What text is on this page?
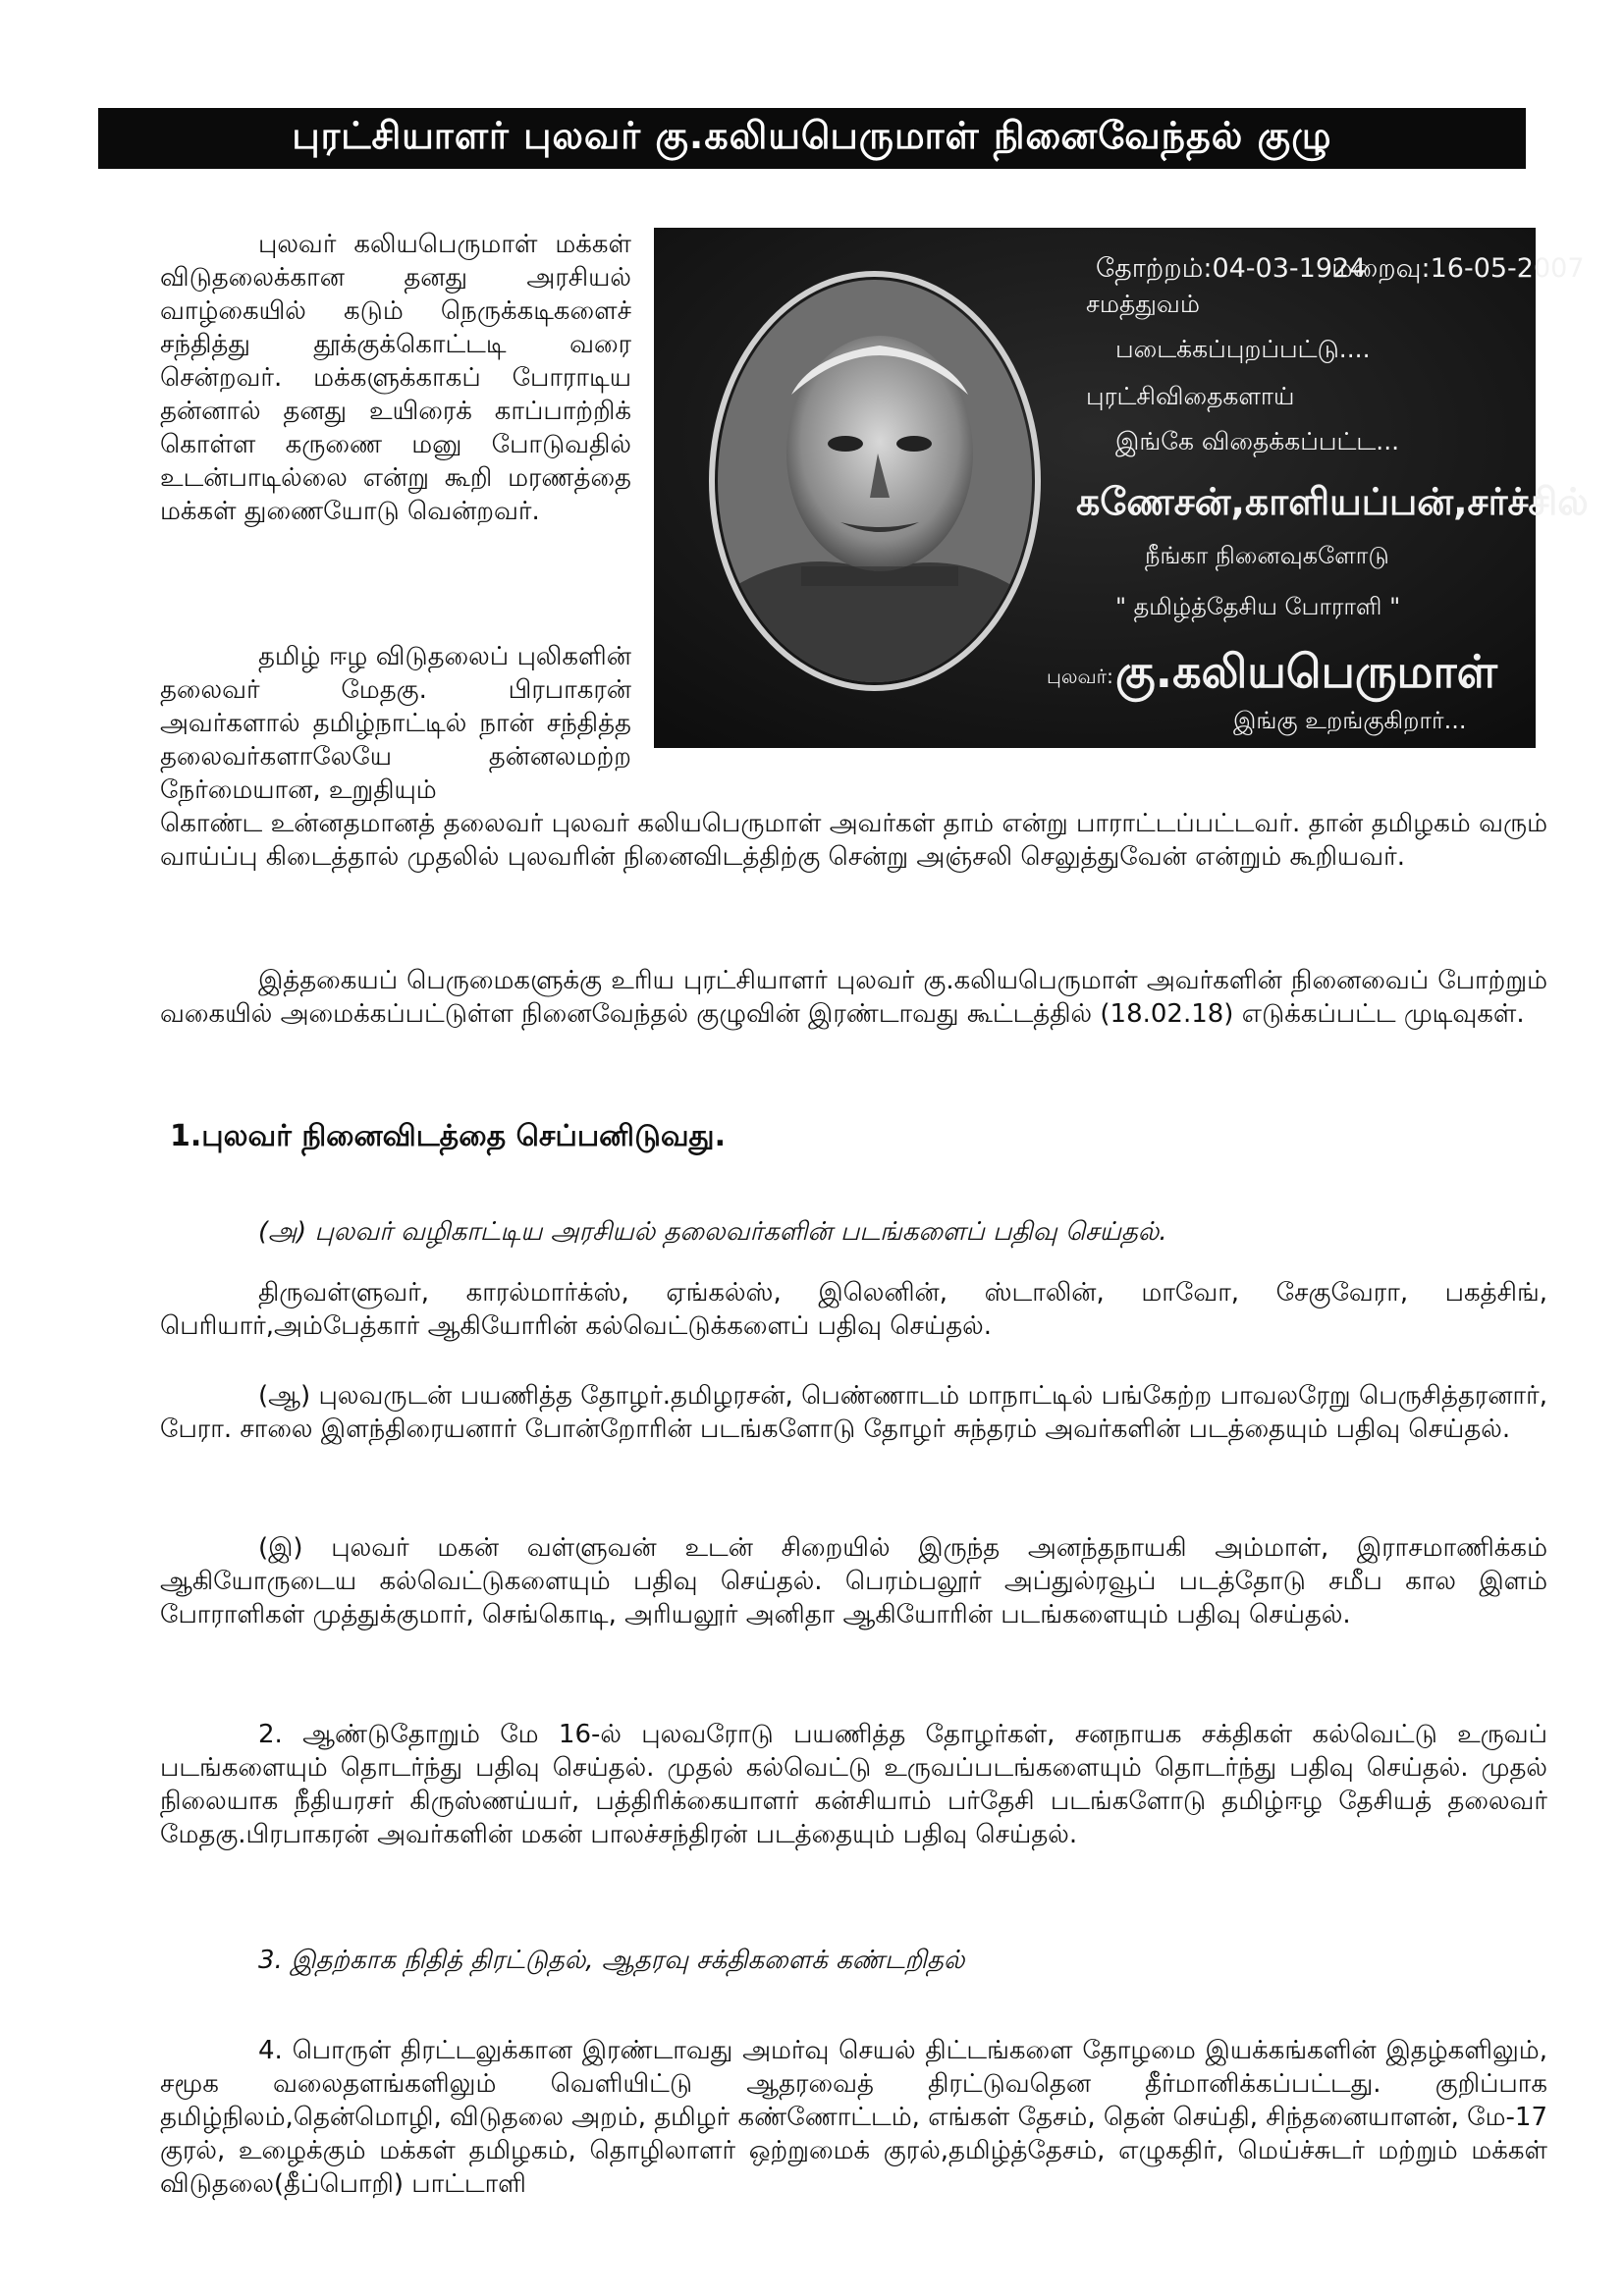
புரட்சியாளர் புலவர் கு.கலியபெருமாள் நினைவேந்தல் குழு
தோற்றம்:04-03-1924
மறைவு:16-05-2007
சமத்துவம்
படைக்கப்புறப்பட்டு....
புரட்சிவிதைகளாய்
இங்கே விதைக்கப்பட்ட...
கணேசன்,காளியப்பன்,சர்ச்சில்
நீங்கா நினைவுகளோடு
" தமிழ்த்தேசிய போராளி "
புலவர்: கு.கலியபெருமாள்
இங்கு உறங்குகிறார்...

புலவர் கலியபெருமாள் மக்கள் விடுதலைக்கான தனது அரசியல் வாழ்கையில் கடும் நெருக்கடிகளைச் சந்தித்து தூக்குக்கொட்டடி வரை சென்றவர். மக்களுக்காகப் போராடிய தன்னால் தனது உயிரைக் காப்பாற்றிக் கொள்ள கருணை மனு போடுவதில் உடன்பாடில்லை என்று கூறி மரணத்தை மக்கள் துணையோடு வென்றவர்.

தமிழ் ஈழ விடுதலைப் புலிகளின் தலைவர் மேதகு. பிரபாகரன் அவர்களால் தமிழ்நாட்டில் நான் சந்தித்த தலைவர்களாலேயே தன்னலமற்ற நேர்மையான, உறுதியும்

கொண்ட உன்னதமானத் தலைவர் புலவர் கலியபெருமாள் அவர்கள் தாம் என்று பாராட்டப்பட்டவர். தான் தமிழகம் வரும் வாய்ப்பு கிடைத்தால் முதலில் புலவரின் நினைவிடத்திற்கு சென்று அஞ்சலி செலுத்துவேன் என்றும் கூறியவர்.

இத்தகையப் பெருமைகளுக்கு உரிய புரட்சியாளர் புலவர் கு.கலியபெருமாள் அவர்களின் நினைவைப் போற்றும் வகையில் அமைக்கப்பட்டுள்ள நினைவேந்தல் குழுவின் இரண்டாவது கூட்டத்தில் (18.02.18) எடுக்கப்பட்ட முடிவுகள்.

1.புலவர் நினைவிடத்தை செப்பனிடுவது.

(அ) புலவர் வழிகாட்டிய அரசியல் தலைவர்களின் படங்களைப் பதிவு செய்தல்.

திருவள்ளுவர், காரல்மார்க்ஸ், ஏங்கல்ஸ், இலெனின், ஸ்டாலின், மாவோ, சேகுவேரா, பகத்சிங், பெரியார்,அம்பேத்கார் ஆகியோரின் கல்வெட்டுக்களைப் பதிவு செய்தல்.

(ஆ) புலவருடன் பயணித்த தோழர்.தமிழரசன், பெண்ணாடம் மாநாட்டில் பங்கேற்ற பாவலரேறு பெருசித்தரனார், பேரா. சாலை இளந்திரையனார் போன்றோரின் படங்களோடு தோழர் சுந்தரம் அவர்களின் படத்தையும் பதிவு செய்தல்.

(இ) புலவர் மகன் வள்ளுவன் உடன் சிறையில் இருந்த அனந்தநாயகி அம்மாள், இராசமாணிக்கம் ஆகியோருடைய கல்வெட்டுகளையும் பதிவு செய்தல். பெரம்பலூர் அப்துல்ரவூப் படத்தோடு சமீப கால இளம் போராளிகள் முத்துக்குமார், செங்கொடி, அரியலூர் அனிதா ஆகியோரின் படங்களையும் பதிவு செய்தல்.

2. ஆண்டுதோறும் மே 16-ல் புலவரோடு பயணித்த தோழர்கள், சனநாயக சக்திகள் கல்வெட்டு உருவப் படங்களையும் தொடர்ந்து பதிவு செய்தல். முதல் கல்வெட்டு உருவப்படங்களையும் தொடர்ந்து பதிவு செய்தல். முதல் நிலையாக நீதியரசர் கிருஸ்ணய்யர், பத்திரிக்கையாளர் கன்சியாம் பர்தேசி படங்களோடு தமிழ்ஈழ தேசியத் தலைவர் மேதகு.பிரபாகரன் அவர்களின் மகன் பாலச்சந்திரன் படத்தையும் பதிவு செய்தல்.

3. இதற்காக நிதித் திரட்டுதல், ஆதரவு சக்திகளைக் கண்டறிதல்

4. பொருள் திரட்டலுக்கான இரண்டாவது அமர்வு செயல் திட்டங்களை தோழமை இயக்கங்களின் இதழ்களிலும், சமூக வலைதளங்களிலும் வெளியிட்டு ஆதரவைத் திரட்டுவதென தீர்மானிக்கப்பட்டது. குறிப்பாக தமிழ்நிலம்,தென்மொழி, விடுதலை அறம், தமிழர் கண்ணோட்டம், எங்கள் தேசம், தென் செய்தி, சிந்தனையாளன், மே-17 குரல், உழைக்கும் மக்கள் தமிழகம், தொழிலாளர் ஒற்றுமைக் குரல்,தமிழ்த்தேசம், எழுகதிர், மெய்ச்சுடர் மற்றும் மக்கள் விடுதலை(தீப்பொறி) பாட்டாளி
